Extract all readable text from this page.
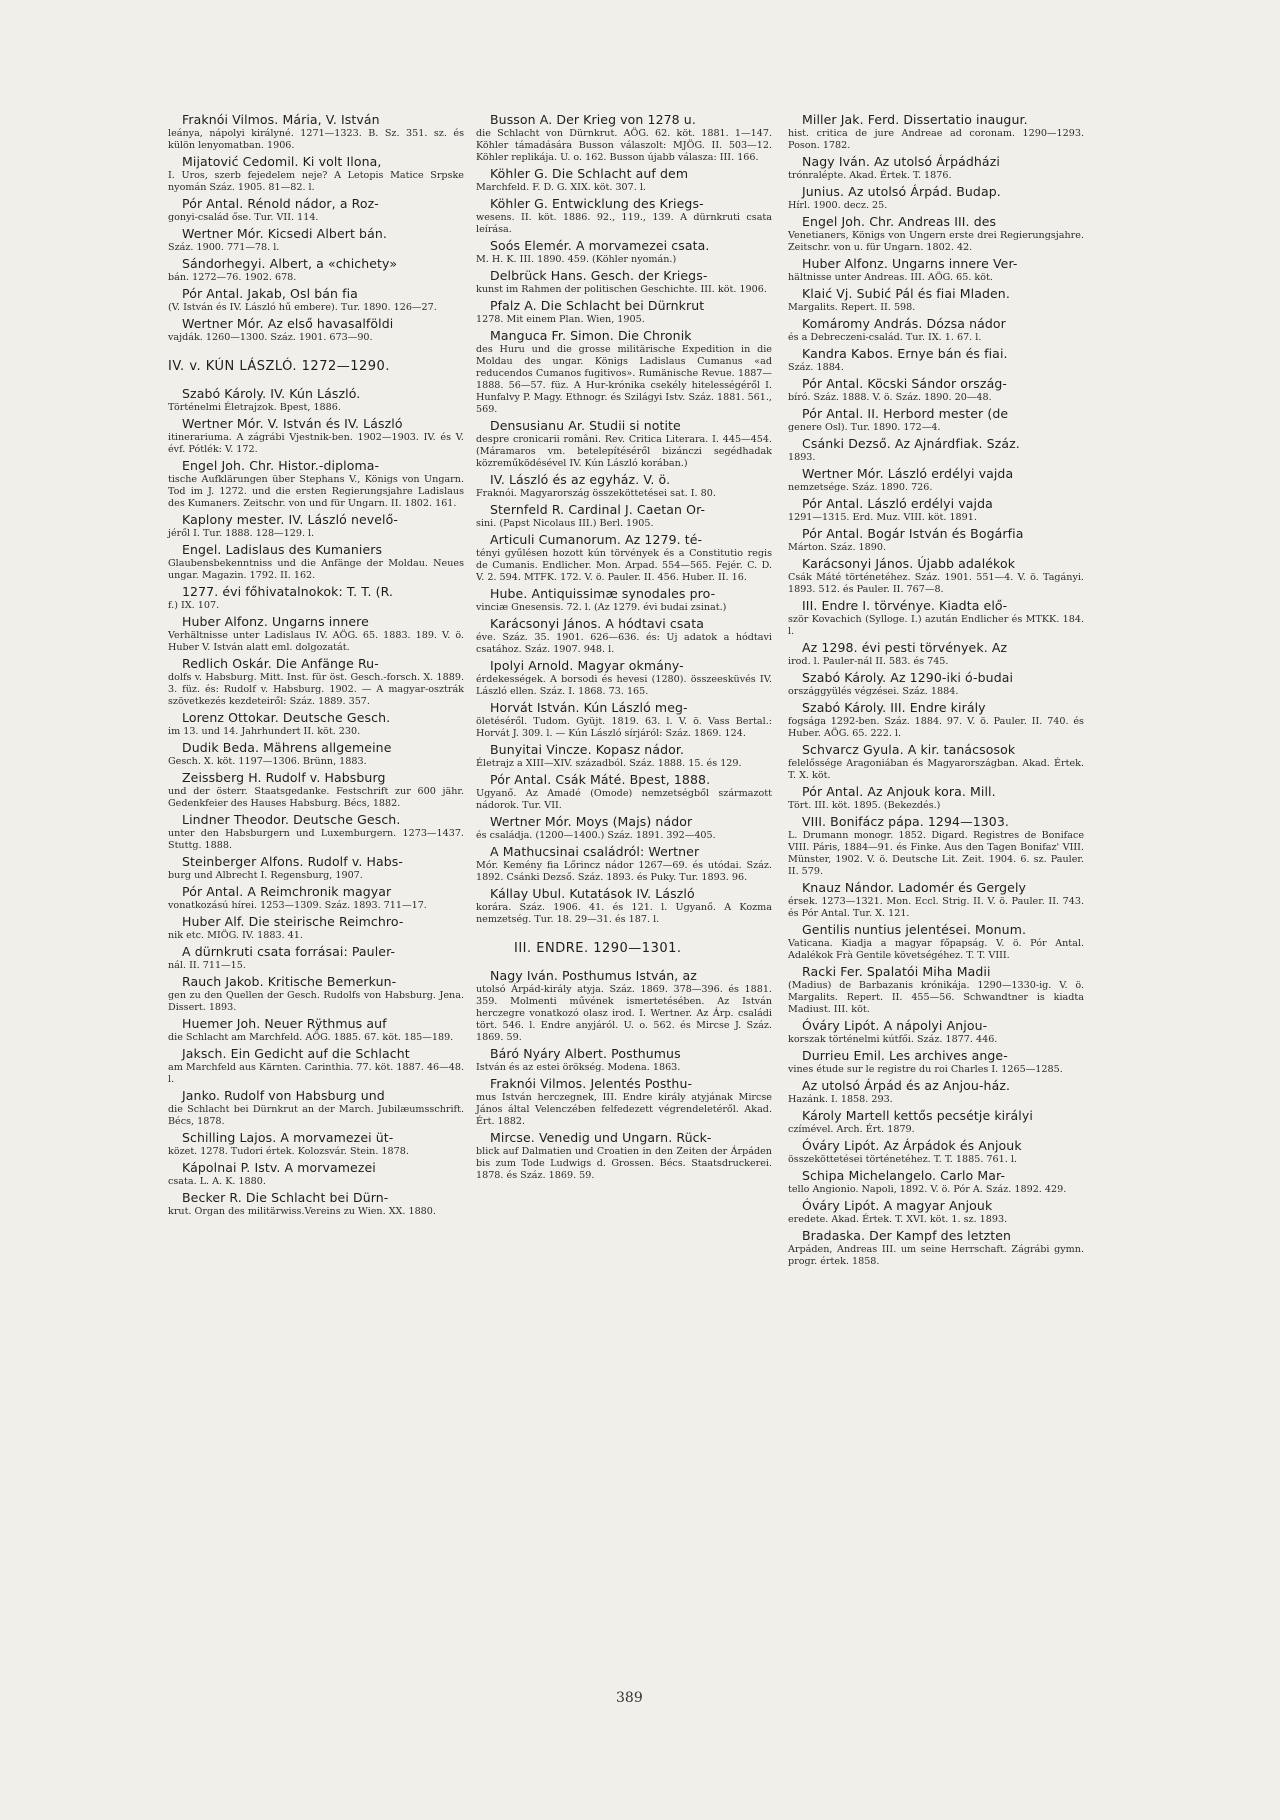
Fraknói Vilmos. Mária, V. István
leánya, nápolyi királyné. 1271—1323. B. Sz. 351. sz. és külön lenyomatban. 1906.
Mijatović Cedomil. Ki volt Ilona,
I. Uros, szerb fejedelem neje? A Letopis Matice Srpske nyomán Száz. 1905. 81—82. l.
Pór Antal. Rénold nádor, a Roz-
gonyi-család őse. Tur. VII. 114.
Wertner Mór. Kicsedi Albert bán.
Száz. 1900. 771—78. l.
Sándorhegyi. Albert, a «chichety»
bán. 1272—76. 1902. 678.
Pór Antal. Jakab, Osl bán fia
(V. István és IV. László hű embere). Tur. 1890. 126—27.
Wertner Mór. Az első havasalföldi
vajdák. 1260—1300. Száz. 1901. 673—90.
IV. v. KÚN LÁSZLÓ. 1272—1290.
Szabó Károly. IV. Kún László.
Történelmi Életrajzok. Bpest, 1886.
Wertner Mór. V. István és IV. László
itinerariuma. A zágrábi Vjestnik-ben. 1902—1903. IV. és V. évf. Pótlék: V. 172.
Engel Joh. Chr. Histor.-diploma-
tische Aufklärungen über Stephans V., Königs von Ungarn. Tod im J. 1272. und die ersten Regierungsjahre Ladislaus des Kumaners. Zeitschr. von und für Ungarn. II. 1802. 161.
Kaplony mester. IV. László nevelő-
jéről I. Tur. 1888. 128—129. l.
Engel. Ladislaus des Kumaniers
Glaubensbekenntniss und die Anfänge der Moldau. Neues ungar. Magazin. 1792. II. 162.
1277. évi főhivatalnokok: T. T. (R.
f.) IX. 107.
Huber Alfonz. Ungarns innere
Verhältnisse unter Ladislaus IV. AÖG. 65. 1883. 189. V. ö. Huber V. István alatt eml. dolgozatát.
Redlich Oskár. Die Anfänge Ru-
dolfs v. Habsburg. Mitt. Inst. für öst. Gesch.-forsch. X. 1889. 3. füz. és: Rudolf v. Habsburg. 1902. — A magyar-osztrák szövetkezés kezdeteiről: Száz. 1889. 357.
Lorenz Ottokar. Deutsche Gesch.
im 13. und 14. Jahrhundert II. köt. 230.
Dudik Beda. Mährens allgemeine
Gesch. X. köt. 1197—1306. Brünn, 1883.
Zeissberg H. Rudolf v. Habsburg
und der österr. Staatsgedanke. Festschrift zur 600 jähr. Gedenkfeier des Hauses Habsburg. Bécs, 1882.
Lindner Theodor. Deutsche Gesch.
unter den Habsburgern und Luxemburgern. 1273—1437. Stuttg. 1888.
Steinberger Alfons. Rudolf v. Habs-
burg und Albrecht I. Regensburg, 1907.
Pór Antal. A Reimchronik magyar
vonatkozású hírei. 1253—1309. Száz. 1893. 711—17.
Huber Alf. Die steirische Reimchro-
nik etc. MIÖG. IV. 1883. 41.
A dürnkruti csata forrásai: Pauler-
nál. II. 711—15.
Rauch Jakob. Kritische Bemerkun-
gen zu den Quellen der Gesch. Rudolfs von Habsburg. Jena. Dissert. 1893.
Huemer Joh. Neuer Rÿthmus auf
die Schlacht am Marchfeld. AÖG. 1885. 67. köt. 185—189.
Jaksch. Ein Gedicht auf die Schlacht
am Marchfeld aus Kärnten. Carinthia. 77. köt. 1887. 46—48. l.
Janko. Rudolf von Habsburg und
die Schlacht bei Dürnkrut an der March. Jubilæumsschrift. Bécs, 1878.
Schilling Lajos. A morvamezei üt-
közet. 1278. Tudori értek. Kolozsvár. Stein. 1878.
Kápolnai P. Istv. A morvamezei
csata. L. A. K. 1880.
Becker R. Die Schlacht bei Dürn-
krut. Organ des militärwiss.Vereins zu Wien. XX. 1880.
Busson A. Der Krieg von 1278 u.
die Schlacht von Dürnkrut. AÖG. 62. köt. 1881. 1—147. Köhler támadására Busson válaszolt: MJÖG. II. 503—12. Köhler replikája. U. o. 162. Busson újabb válasza: III. 166.
Köhler G. Die Schlacht auf dem
Marchfeld. F. D. G. XIX. köt. 307. l.
Köhler G. Entwicklung des Kriegs-
wesens. II. köt. 1886. 92., 119., 139. A dürnkruti csata leírása.
Soós Elemér. A morvamezei csata.
M. H. K. III. 1890. 459. (Köhler nyomán.)
Delbrück Hans. Gesch. der Kriegs-
kunst im Rahmen der politischen Geschichte. III. köt. 1906.
Pfalz A. Die Schlacht bei Dürnkrut
1278. Mit einem Plan. Wien, 1905.
Manguca Fr. Simon. Die Chronik
des Huru und die grosse militärische Expedition in die Moldau des ungar. Königs Ladislaus Cumanus «ad reducendos Cumanos fugitivos». Rumänische Revue. 1887—1888. 56—57. füz. A Hur-krónika csekély hitelességéről I. Hunfalvy P. Magy. Ethnogr. és Szilágyi Istv. Száz. 1881. 561., 569.
Densusianu Ar. Studii si notite
despre cronicarii români. Rev. Critica Literara. I. 445—454. (Máramaros vm. betelepítéséről bizánczi segédhadak közreműködésével IV. Kún László korában.)
IV. László és az egyház. V. ö.
Fraknói. Magyarország összeköttetései sat. I. 80.
Sternfeld R. Cardinal J. Caetan Or-
sini. (Papst Nicolaus III.) Berl. 1905.
Articuli Cumanorum. Az 1279. té-
tényi gyűlésen hozott kún törvények és a Constitutio regis de Cumanis. Endlicher. Mon. Arpad. 554—565. Fejér. C. D. V. 2. 594. MTFK. 172. V. ö. Pauler. II. 456. Huber. II. 16.
Hube. Antiquissimæ synodales pro-
vinciæ Gnesensis. 72. l. (Az 1279. évi budai zsinat.)
Karácsonyi János. A hódtavi csata
éve. Száz. 35. 1901. 626—636. és: Uj adatok a hódtavi csatához. Száz. 1907. 948. l.
Ipolyi Arnold. Magyar okmány-
érdekességek. A borsodi és hevesi (1280). összeesküvés IV. László ellen. Száz. I. 1868. 73. 165.
Horvát István. Kún László meg-
öletéséről. Tudom. Gyüjt. 1819. 63. l. V. ö. Vass Bertal.: Horvát J. 309. l. — Kún László sírjáról: Száz. 1869. 124.
Bunyitai Vincze. Kopasz nádor.
Életrajz a XIII—XIV. századból. Száz. 1888. 15. és 129.
Pór Antal. Csák Máté. Bpest, 1888.
Ugyanő. Az Amadé (Omode) nemzetségből származott nádorok. Tur. VII.
Wertner Mór. Moys (Majs) nádor
és családja. (1200—1400.) Száz. 1891. 392—405.
A Mathucsinai családról: Wertner
Mór. Kemény fia Lőrincz nádor 1267—69. és utódai. Száz. 1892. Csánki Dezső. Száz. 1893. és Puky. Tur. 1893. 96.
Kállay Ubul. Kutatások IV. László
korára. Száz. 1906. 41. és 121. l. Ugyanő. A Kozma nemzetség. Tur. 18. 29—31. és 187. l.
III. ENDRE. 1290—1301.
Nagy Iván. Posthumus István, az
utolsó Árpád-király atyja. Száz. 1869. 378—396. és 1881. 359. Molmenti művének ismertetésében. Az István herczegre vonatkozó olasz irod. I. Wertner. Az Árp. családi tört. 546. l. Endre anyjáról. U. o. 562. és Mircse J. Száz. 1869. 59.
Báró Nyáry Albert. Posthumus
István és az estei örökség. Modena. 1863.
Fraknói Vilmos. Jelentés Posthu-
mus István herczegnek, III. Endre király atyjának Mircse János által Velenczében felfedezett végrendeletéről. Akad. Ért. 1882.
Mircse. Venedig und Ungarn. Rück-
blick auf Dalmatien und Croatien in den Zeiten der Árpáden bis zum Tode Ludwigs d. Grossen. Bécs. Staatsdruckerei. 1878. és Száz. 1869. 59.
Miller Jak. Ferd. Dissertatio inaugur.
hist. critica de jure Andreae ad coronam. 1290—1293. Poson. 1782.
Nagy Iván. Az utolsó Árpádházi
trónralépte. Akad. Értek. T. 1876.
Junius. Az utolsó Árpád. Budap.
Hírl. 1900. decz. 25.
Engel Joh. Chr. Andreas III. des
Venetianers, Königs von Ungern erste drei Regierungsjahre. Zeitschr. von u. für Ungarn. 1802. 42.
Huber Alfonz. Ungarns innere Ver-
hältnisse unter Andreas. III. AÖG. 65. köt.
Klaić Vj. Subić Pál és fiai Mladen.
Margalits. Repert. II. 598.
Komáromy András. Dózsa nádor
és a Debreczeni-család. Tur. IX. 1. 67. l.
Kandra Kabos. Ernye bán és fiai.
Száz. 1884.
Pór Antal. Köcski Sándor ország-
bíró. Száz. 1888. V. ö. Száz. 1890. 20—48.
Pór Antal. II. Herbord mester (de
genere Osl). Tur. 1890. 172—4.
Csánki Dezső. Az Ajnárdfiak. Száz.
1893.
Wertner Mór. László erdélyi vajda
nemzetsége. Száz. 1890. 726.
Pór Antal. László erdélyi vajda
1291—1315. Erd. Muz. VIII. köt. 1891.
Pór Antal. Bogár István és Bogárfia
Márton. Száz. 1890.
Karácsonyi János. Újabb adalékok
Csák Máté történetéhez. Száz. 1901. 551—4. V. ö. Tagányi. 1893. 512. és Pauler. II. 767—8.
III. Endre I. törvénye. Kiadta elő-
ször Kovachich (Sylloge. I.) azután Endlicher és MTKK. 184. l.
Az 1298. évi pesti törvények. Az
irod. l. Pauler-nál II. 583. és 745.
Szabó Károly. Az 1290-iki ó-budai
országgyülés végzései. Száz. 1884.
Szabó Károly. III. Endre király
fogsága 1292-ben. Száz. 1884. 97. V. ö. Pauler. II. 740. és Huber. AÖG. 65. 222. l.
Schvarcz Gyula. A kir. tanácsosok
felelőssége Aragoniában és Magyarországban. Akad. Értek. T. X. köt.
Pór Antal. Az Anjouk kora. Mill.
Tört. III. köt. 1895. (Bekezdés.)
VIII. Bonifácz pápa. 1294—1303.
L. Drumann monogr. 1852. Digard. Registres de Boniface VIII. Páris, 1884—91. és Finke. Aus den Tagen Bonifaz' VIII. Münster, 1902. V. ö. Deutsche Lit. Zeit. 1904. 6. sz. Pauler. II. 579.
Knauz Nándor. Ladomér és Gergely
érsek. 1273—1321. Mon. Eccl. Strig. II. V. ö. Pauler. II. 743. és Pór Antal. Tur. X. 121.
Gentilis nuntius jelentései. Monum.
Vaticana. Kiadja a magyar főpapság. V. ö. Pór Antal. Adalékok Frà Gentile követségéhez. T. T. VIII.
Racki Fer. Spalatói Miha Madii
(Madius) de Barbazanis krónikája. 1290—1330-ig. V. ö. Margalits. Repert. II. 455—56. Schwandtner is kiadta Madiust. III. köt.
Óváry Lipót. A nápolyi Anjou-
korszak történelmi kútfői. Száz. 1877. 446.
Durrieu Emil. Les archives ange-
vines étude sur le registre du roi Charles I. 1265—1285.
Az utolsó Árpád és az Anjou-ház.
Hazánk. I. 1858. 293.
Károly Martell kettős pecsétje királyi
czímével. Arch. Ért. 1879.
Óváry Lipót. Az Árpádok és Anjouk
összeköttetései történetéhez. T. T. 1885. 761. l.
Schipa Michelangelo. Carlo Mar-
tello Angionio. Napoli, 1892. V. ö. Pór A. Száz. 1892. 429.
Óváry Lipót. A magyar Anjouk
eredete. Akad. Értek. T. XVI. köt. 1. sz. 1893.
Bradaska. Der Kampf des letzten
Arpáden, Andreas III. um seine Herrschaft. Zágrábi gymn. progr. értek. 1858.
389
